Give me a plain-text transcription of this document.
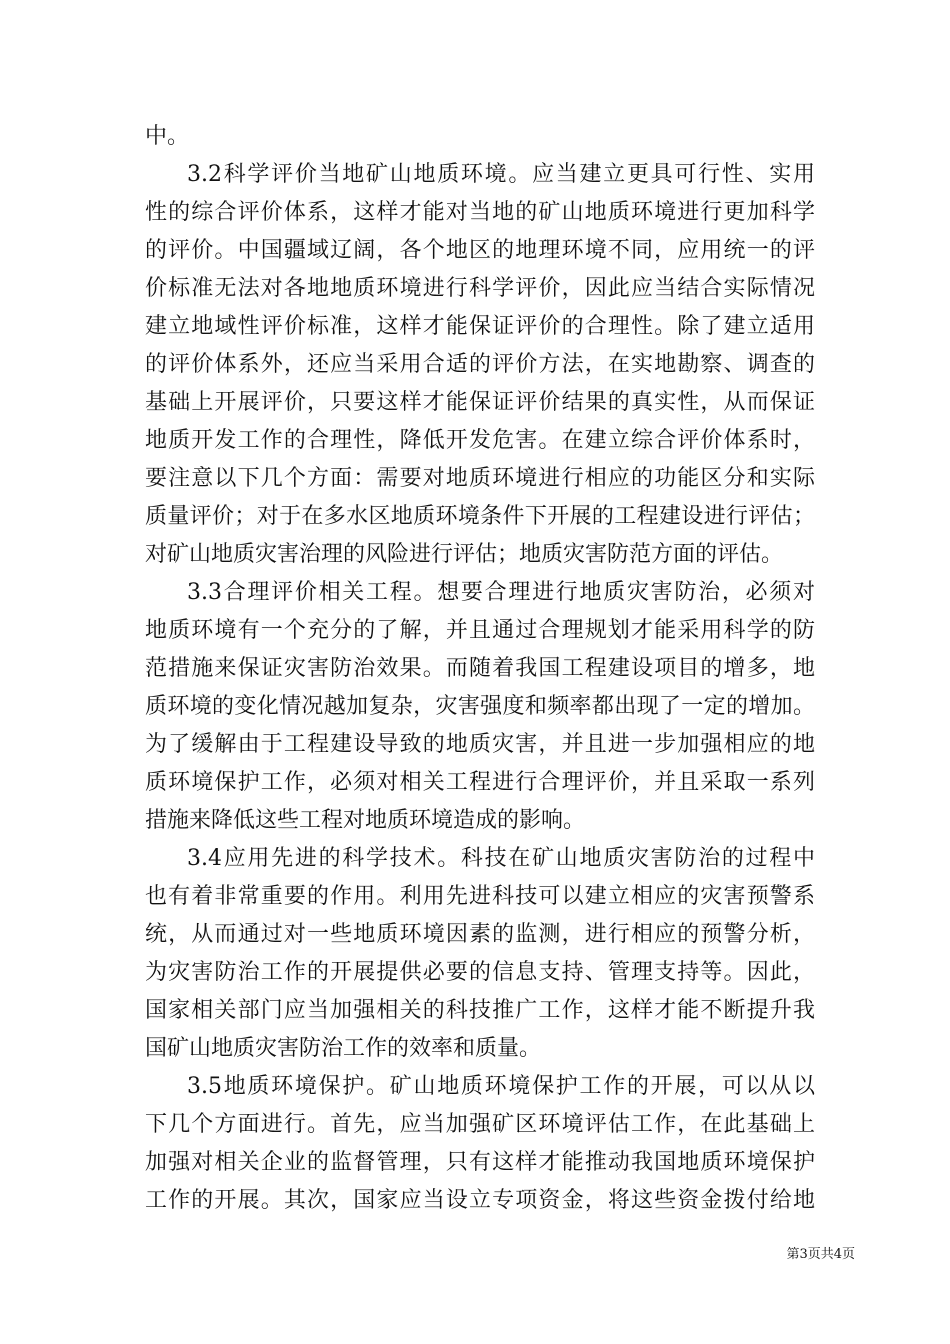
中。
3.2科学评价当地矿山地质环境。应当建立更具可行性、实用
性的综合评价体系，这样才能对当地的矿山地质环境进行更加科学
的评价。中国疆域辽阔，各个地区的地理环境不同，应用统一的评
价标准无法对各地地质环境进行科学评价，因此应当结合实际情况
建立地域性评价标准，这样才能保证评价的合理性。除了建立适用
的评价体系外，还应当采用合适的评价方法，在实地勘察、调查的
基础上开展评价，只要这样才能保证评价结果的真实性，从而保证
地质开发工作的合理性，降低开发危害。在建立综合评价体系时，
要注意以下几个方面：需要对地质环境进行相应的功能区分和实际
质量评价；对于在多水区地质环境条件下开展的工程建设进行评估；
对矿山地质灾害治理的风险进行评估；地质灾害防范方面的评估。
3.3合理评价相关工程。想要合理进行地质灾害防治，必须对
地质环境有一个充分的了解，并且通过合理规划才能采用科学的防
范措施来保证灾害防治效果。而随着我国工程建设项目的增多，地
质环境的变化情况越加复杂，灾害强度和频率都出现了一定的增加。
为了缓解由于工程建设导致的地质灾害，并且进一步加强相应的地
质环境保护工作，必须对相关工程进行合理评价，并且采取一系列
措施来降低这些工程对地质环境造成的影响。
3.4应用先进的科学技术。科技在矿山地质灾害防治的过程中
也有着非常重要的作用。利用先进科技可以建立相应的灾害预警系
统，从而通过对一些地质环境因素的监测，进行相应的预警分析，
为灾害防治工作的开展提供必要的信息支持、管理支持等。因此，
国家相关部门应当加强相关的科技推广工作，这样才能不断提升我
国矿山地质灾害防治工作的效率和质量。
3.5地质环境保护。矿山地质环境保护工作的开展，可以从以
下几个方面进行。首先，应当加强矿区环境评估工作，在此基础上
加强对相关企业的监督管理，只有这样才能推动我国地质环境保护
工作的开展。其次，国家应当设立专项资金，将这些资金拨付给地
第3页共4页
